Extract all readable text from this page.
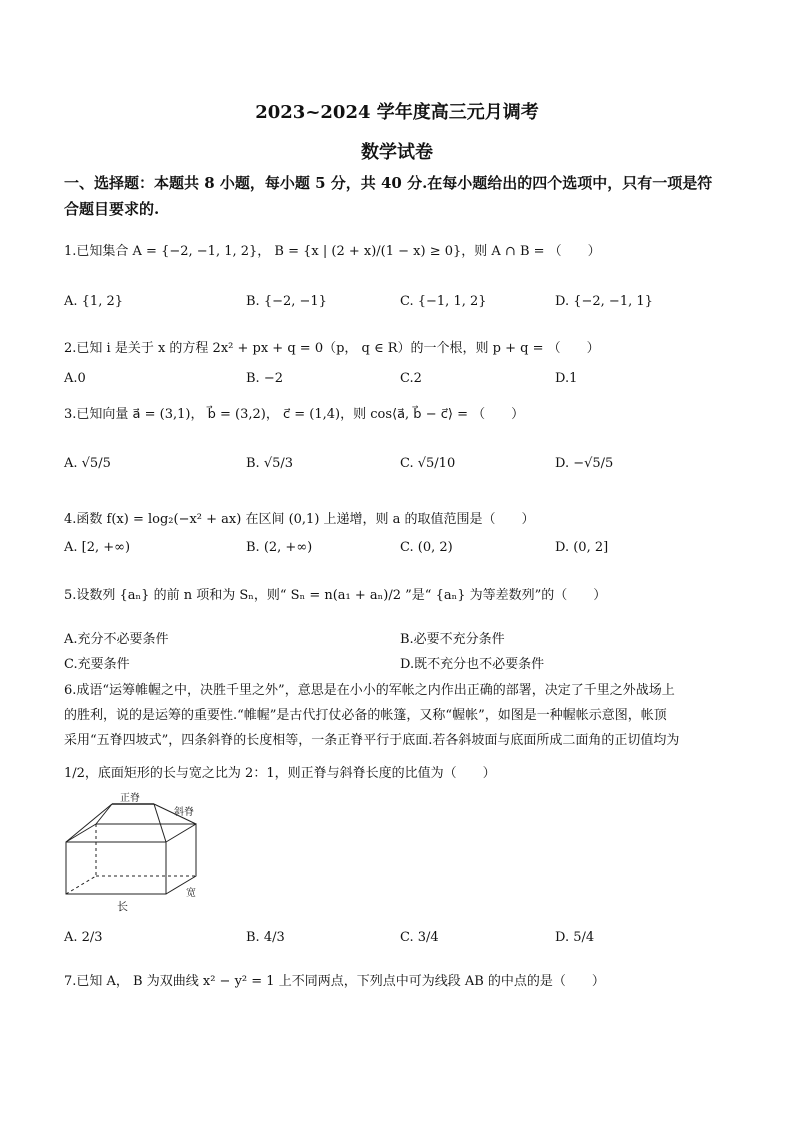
2023~2024 学年度高三元月调考
数学试卷
一、选择题：本题共 8 小题，每小题 5 分，共 40 分.在每小题给出的四个选项中，只有一项是符
合题目要求的.
1.已知集合 A = {−2, −1, 1, 2}， B = {x | (2 + x)/(1 − x) ≥ 0}，则 A ∩ B = （　　）
A. {1, 2}	B. {−2, −1}	C. {−1, 1, 2}	D. {−2, −1, 1}
2.已知 i 是关于 x 的方程 2x² + px + q = 0（p， q ∈ R）的一个根，则 p + q = （　　）
A.0	B. −2	C.2	D.1
3.已知向量 a⃗ = (3,1)， b⃗ = (3,2)， c⃗ = (1,4)，则 cos⟨a⃗, b⃗ − c⃗⟩ = （　　）
A. √5/5	B. √5/3	C. √5/10	D. −√5/5
4.函数 f(x) = log₂(−x² + ax) 在区间 (0,1) 上递增，则 a 的取值范围是（　　）
A. [2, +∞)	B. (2, +∞)	C. (0, 2)	D. (0, 2]
5.设数列 {aₙ} 的前 n 项和为 Sₙ，则“ Sₙ = n(a₁ + aₙ)/2 ”是“ {aₙ} 为等差数列”的（　　）
A.充分不必要条件	B.必要不充分条件
C.充要条件	D.既不充分也不必要条件
6.成语“运筹帷幄之中，决胜千里之外”，意思是在小小的军帐之内作出正确的部署，决定了千里之外战场上
的胜利，说的是运筹的重要性.“帷幄”是古代打仗必备的帐篷，又称“幄帐”，如图是一种幄帐示意图，帐顶
采用“五脊四坡式”，四条斜脊的长度相等，一条正脊平行于底面.若各斜坡面与底面所成二面角的正切值均为
1/2，底面矩形的长与宽之比为 2：1，则正脊与斜脊长度的比值为（　　）
正脊
斜脊
长
宽
A. 2/3	B. 4/3	C. 3/4	D. 5/4
7.已知 A， B 为双曲线 x² − y² = 1 上不同两点，下列点中可为线段 AB 的中点的是（　　）
